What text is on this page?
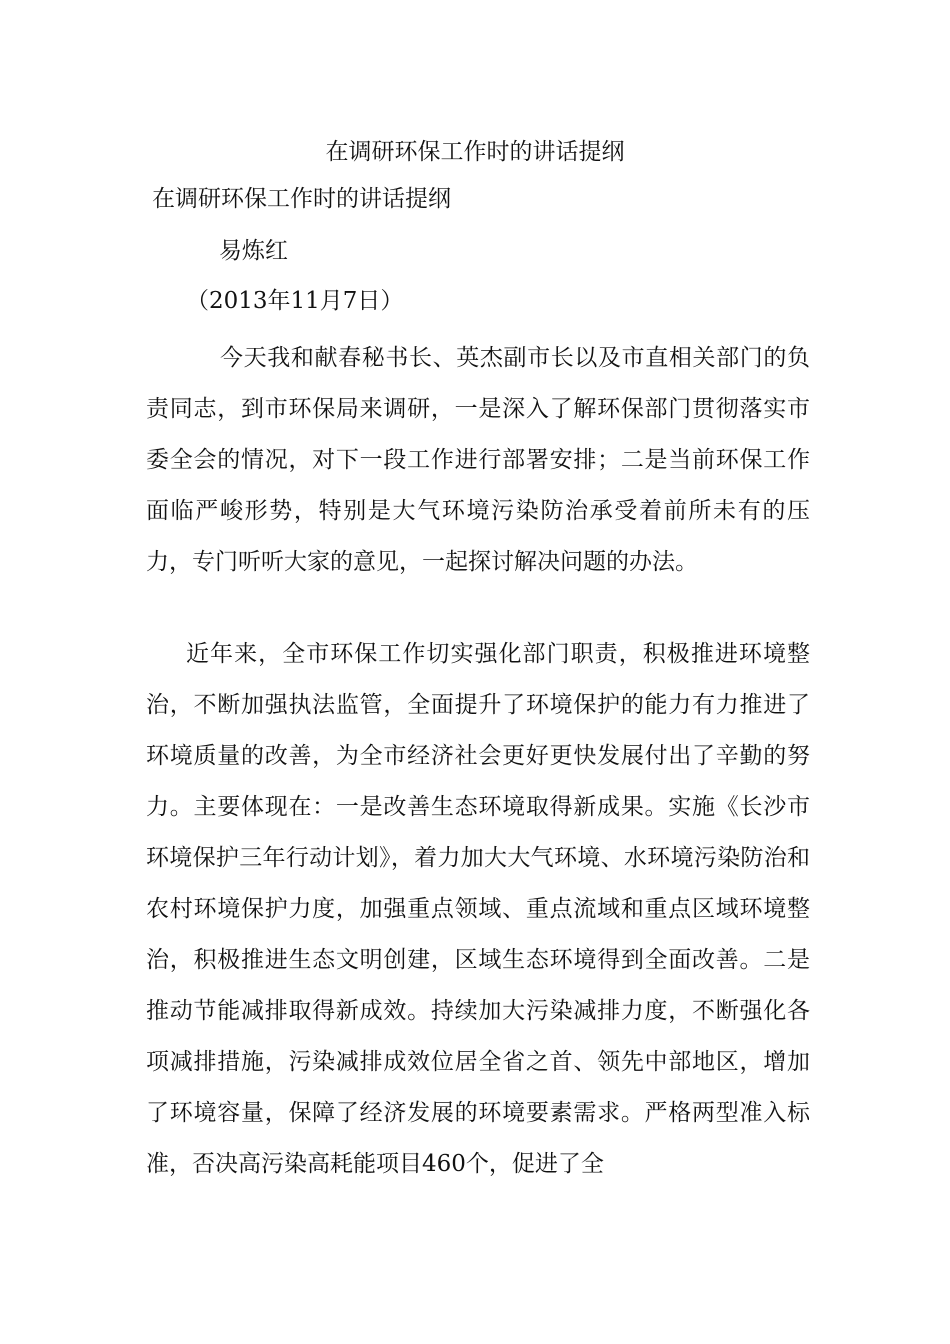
在调研环保工作时的讲话提纲
在调研环保工作时的讲话提纲
易炼红
（2013年11月7日）
今天我和献春秘书长、英杰副市长以及市直相关部门的负责同志，到市环保局来调研，一是深入了解环保部门贯彻落实市委全会的情况，对下一段工作进行部署安排；二是当前环保工作面临严峻形势，特别是大气环境污染防治承受着前所未有的压力，专门听听大家的意见，一起探讨解决问题的办法。
近年来，全市环保工作切实强化部门职责，积极推进环境整治，不断加强执法监管，全面提升了环境保护的能力有力推进了环境质量的改善，为全市经济社会更好更快发展付出了辛勤的努力。主要体现在：一是改善生态环境取得新成果。实施《长沙市环境保护三年行动计划》，着力加大大气环境、水环境污染防治和农村环境保护力度，加强重点领域、重点流域和重点区域环境整治，积极推进生态文明创建，区域生态环境得到全面改善。二是推动节能减排取得新成效。持续加大污染减排力度，不断强化各项减排措施，污染减排成效位居全省之首、领先中部地区，增加了环境容量，保障了经济发展的环境要素需求。严格两型准入标准，否决高污染高耗能项目460个，促进了全
